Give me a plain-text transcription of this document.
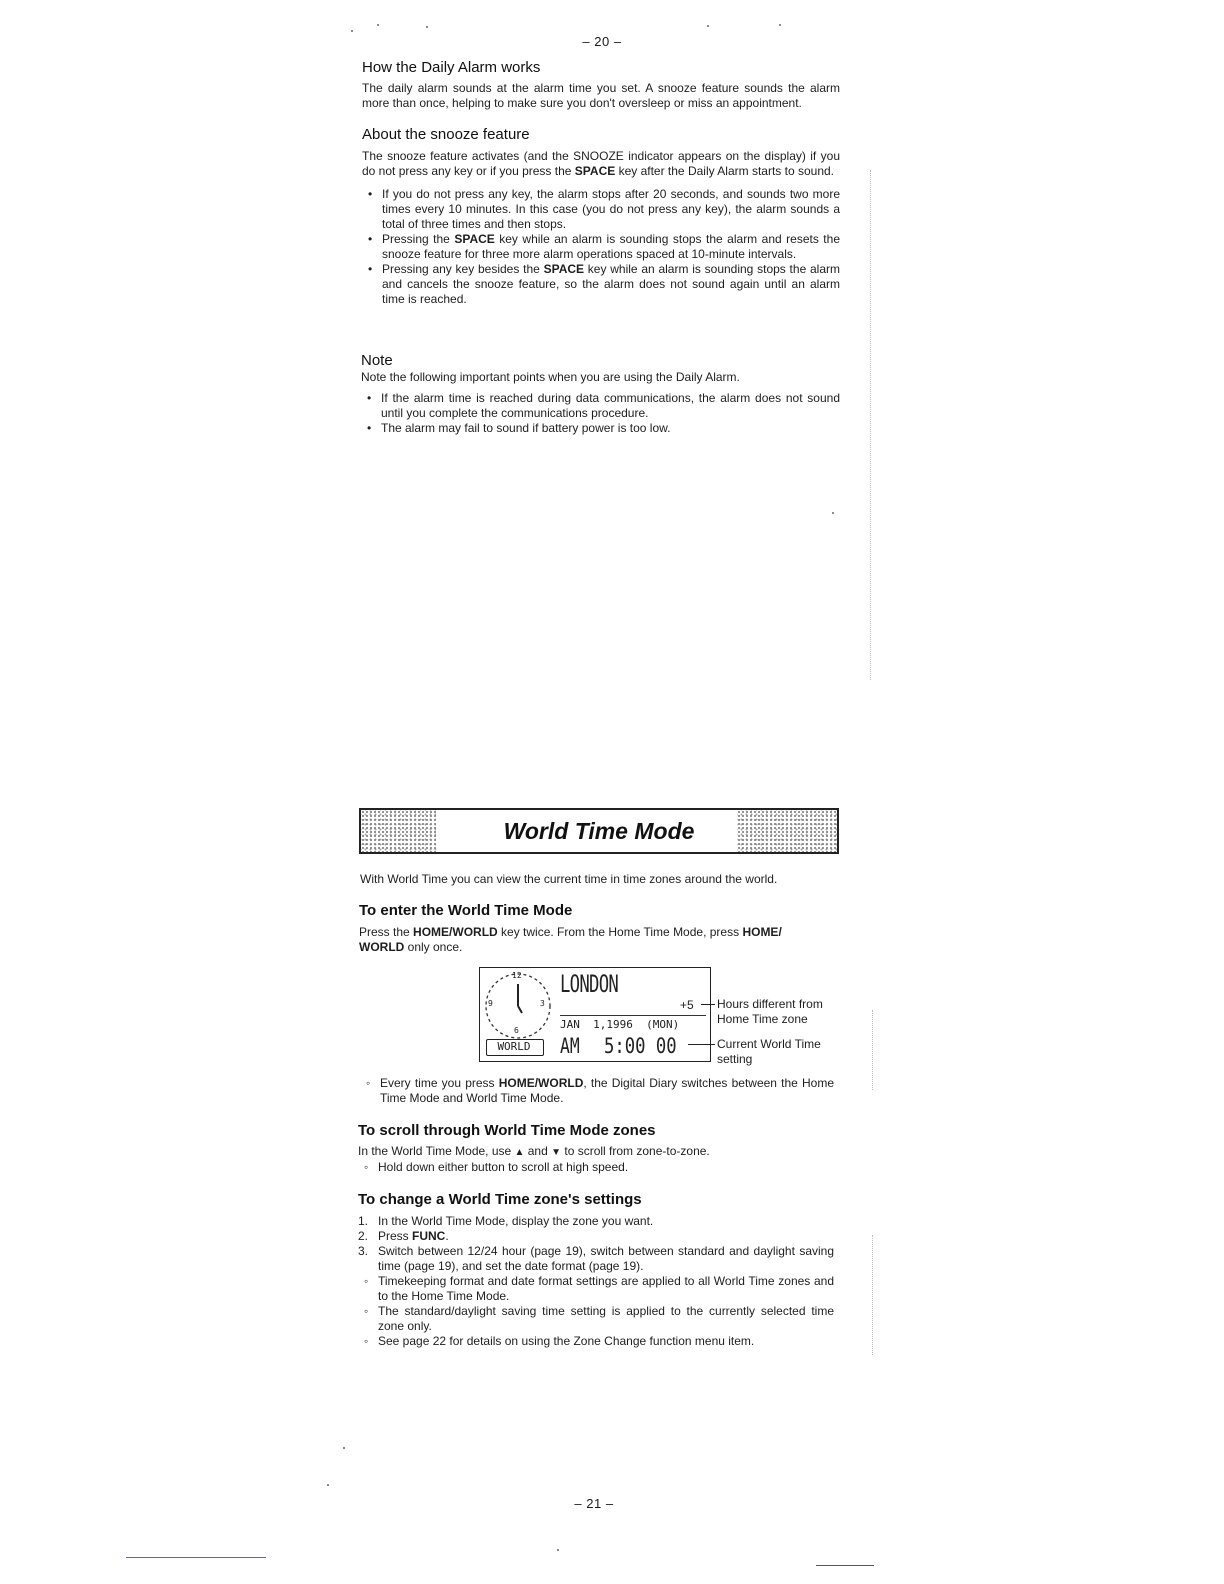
– 20 –
How the Daily Alarm works
The daily alarm sounds at the alarm time you set. A snooze feature sounds the alarm more than once, helping to make sure you don't oversleep or miss an appointment.
About the snooze feature
The snooze feature activates (and the SNOOZE indicator appears on the display) if you do not press any key or if you press the SPACE key after the Daily Alarm starts to sound.
• If you do not press any key, the alarm stops after 20 seconds, and sounds two more times every 10 minutes. In this case (you do not press any key), the alarm sounds a total of three times and then stops.
• Pressing the SPACE key while an alarm is sounding stops the alarm and resets the snooze feature for three more alarm operations spaced at 10-minute intervals.
• Pressing any key besides the SPACE key while an alarm is sounding stops the alarm and cancels the snooze feature, so the alarm does not sound again until an alarm time is reached.
Note
Note the following important points when you are using the Daily Alarm.
• If the alarm time is reached during data communications, the alarm does not sound until you complete the communications procedure.
• The alarm may fail to sound if battery power is too low.
World Time Mode
With World Time you can view the current time in time zones around the world.
To enter the World Time Mode
Press the HOME/WORLD key twice. From the Home Time Mode, press HOME/
WORLD only once.
12
9	3
6
LONDON
+5
JAN  1,1996  (MON)
WORLD	AM 5:00 00
Hours different from Home Time zone
Current World Time setting
◦ Every time you press HOME/WORLD, the Digital Diary switches between the Home Time Mode and World Time Mode.
To scroll through World Time Mode zones
In the World Time Mode, use ▲ and ▼ to scroll from zone-to-zone.
◦ Hold down either button to scroll at high speed.
To change a World Time zone's settings
1. In the World Time Mode, display the zone you want.
2. Press FUNC.
3. Switch between 12/24 hour (page 19), switch between standard and daylight saving time (page 19), and set the date format (page 19).
◦ Timekeeping format and date format settings are applied to all World Time zones and to the Home Time Mode.
◦ The standard/daylight saving time setting is applied to the currently selected time zone only.
◦ See page 22 for details on using the Zone Change function menu item.
– 21 –
